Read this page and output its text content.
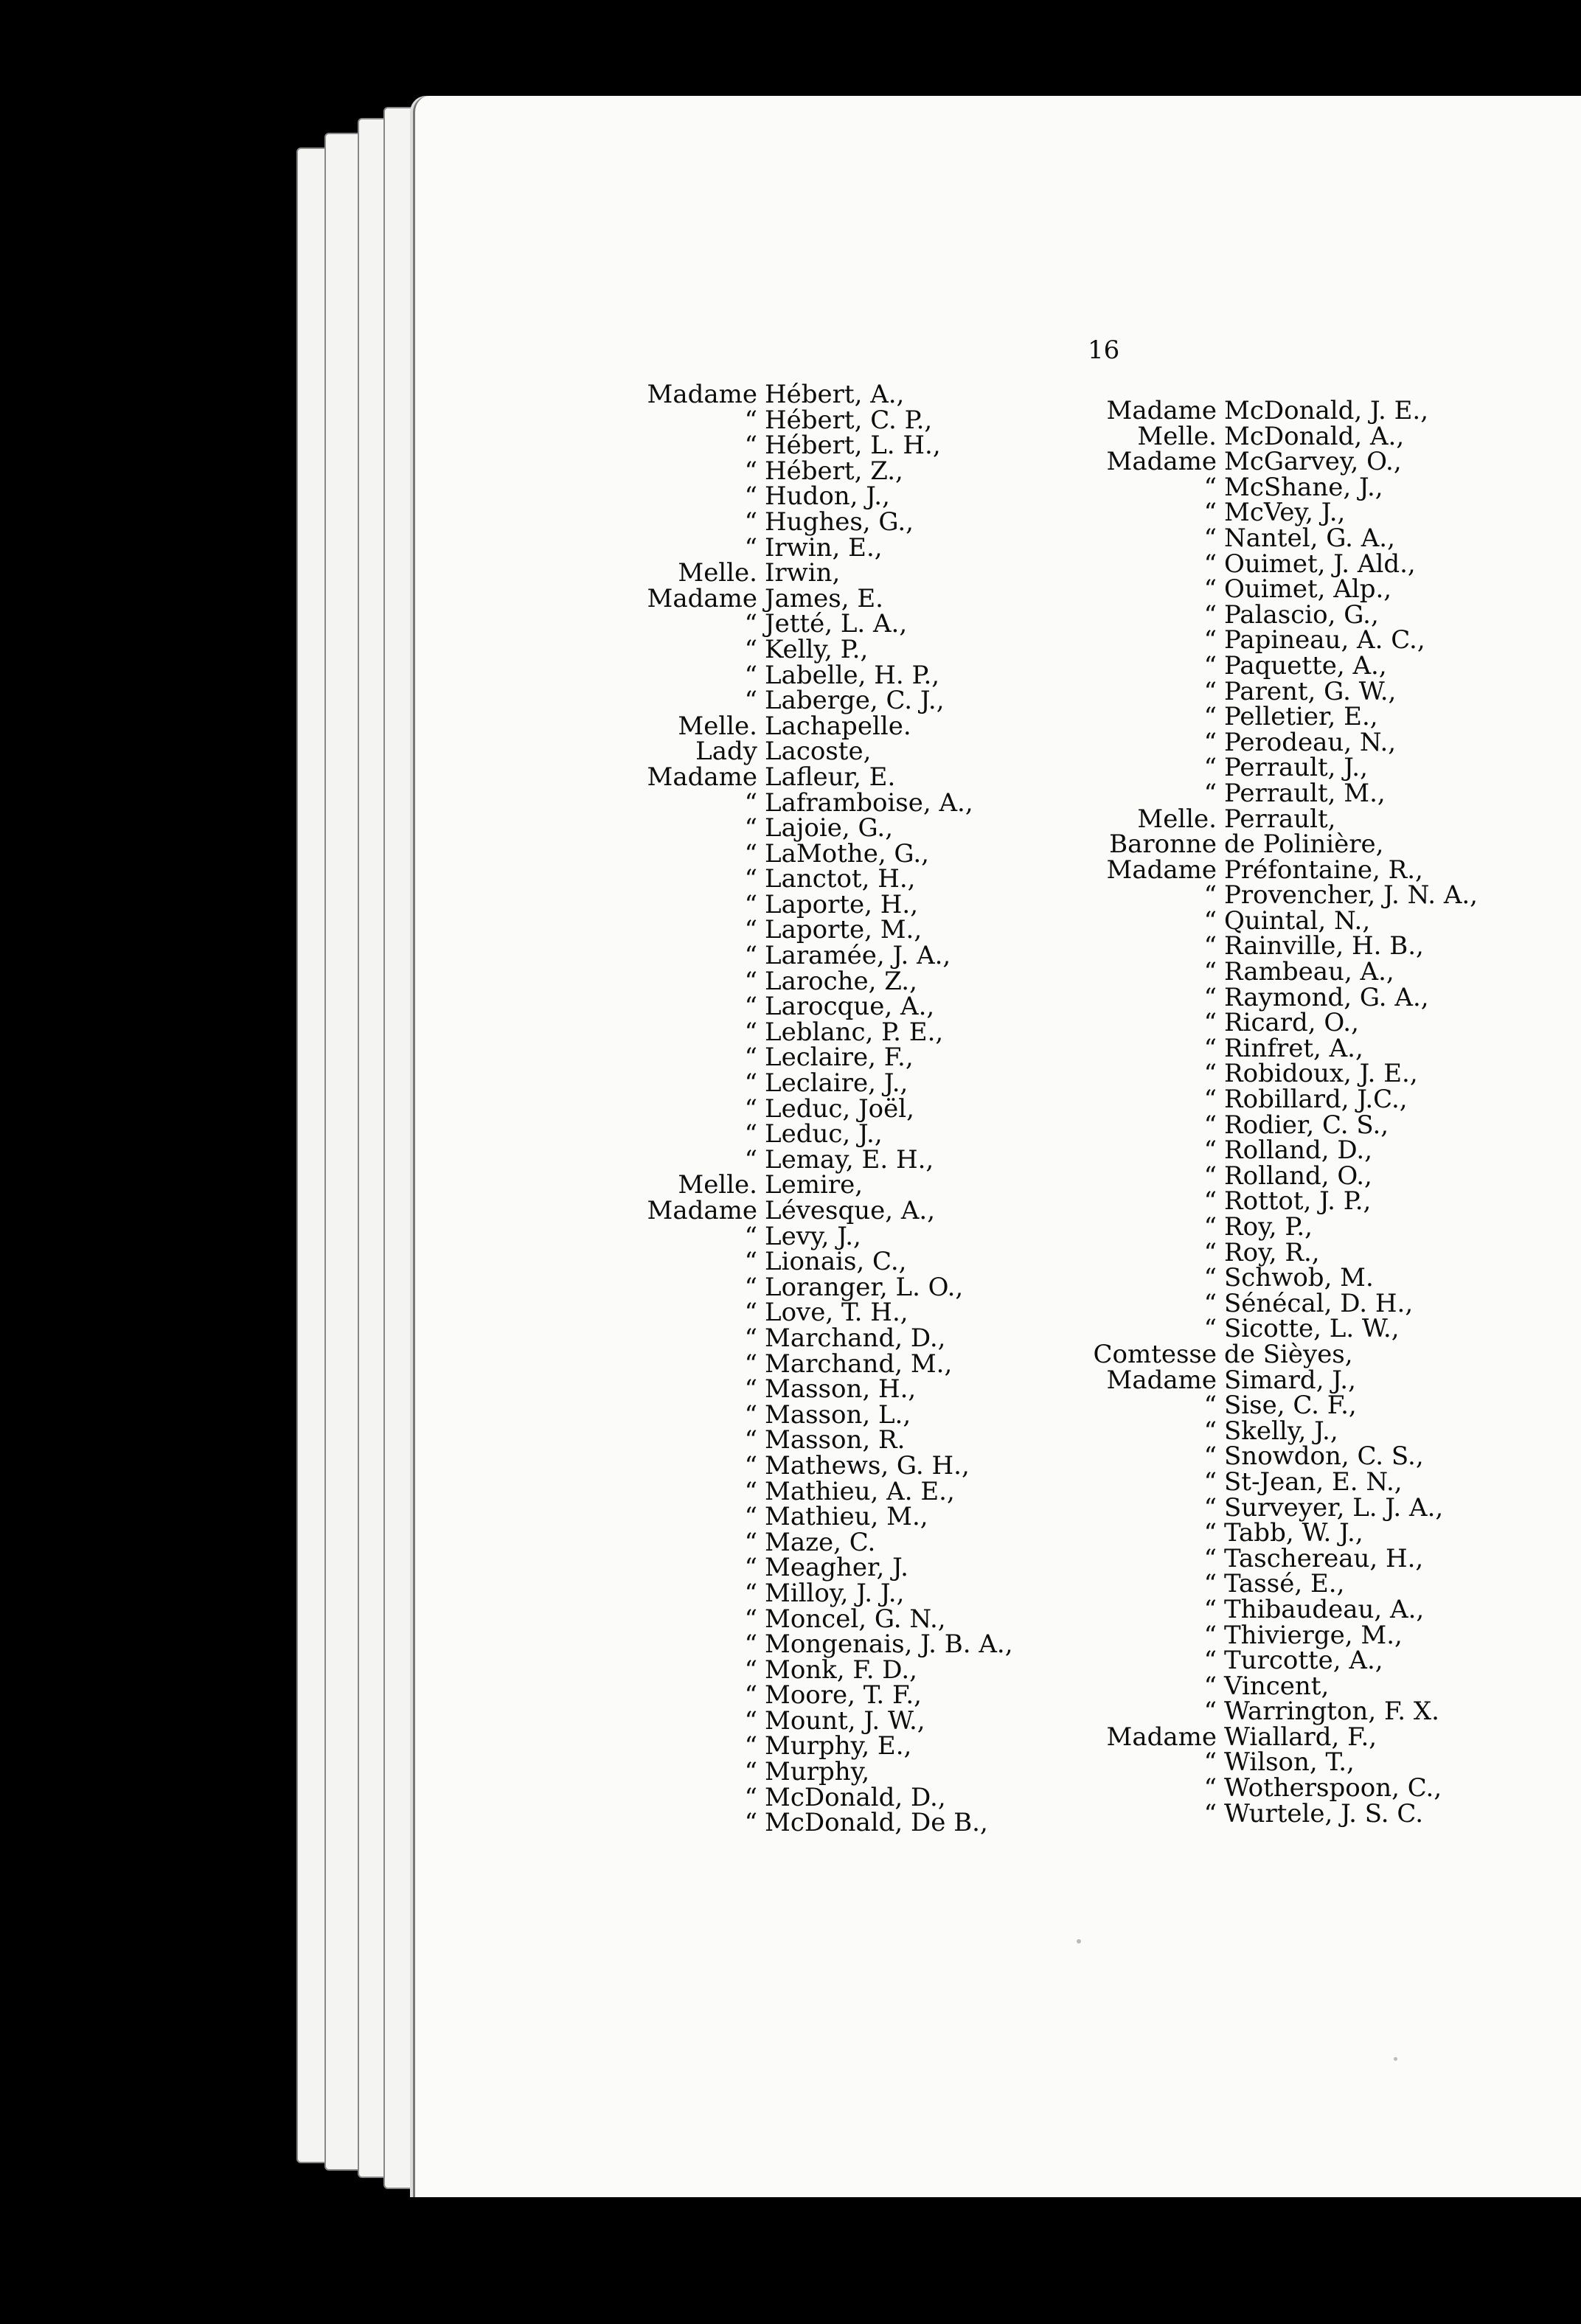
16
Madame Hébert, A.,
“ Hébert, C. P.,
“ Hébert, L. H.,
“ Hébert, Z.,
“ Hudon, J.,
“ Hughes, G.,
“ Irwin, E.,
Melle. Irwin,
Madame James, E.
“ Jetté, L. A.,
“ Kelly, P.,
“ Labelle, H. P.,
“ Laberge, C. J.,
Melle. Lachapelle.
Lady Lacoste,
Madame Lafleur, E.
“ Laframboise, A.,
“ Lajoie, G.,
“ LaMothe, G.,
“ Lanctot, H.,
“ Laporte, H.,
“ Laporte, M.,
“ Laramée, J. A.,
“ Laroche, Z.,
“ Larocque, A.,
“ Leblanc, P. E.,
“ Leclaire, F.,
“ Leclaire, J.,
“ Leduc, Joël,
“ Leduc, J.,
“ Lemay, E. H.,
Melle. Lemire,
Madame Lévesque, A.,
“ Levy, J.,
“ Lionais, C.,
“ Loranger, L. O.,
“ Love, T. H.,
“ Marchand, D.,
“ Marchand, M.,
“ Masson, H.,
“ Masson, L.,
“ Masson, R.
“ Mathews, G. H.,
“ Mathieu, A. E.,
“ Mathieu, M.,
“ Maze, C.
“ Meagher, J.
“ Milloy, J. J.,
“ Moncel, G. N.,
“ Mongenais, J. B. A.,
“ Monk, F. D.,
“ Moore, T. F.,
“ Mount, J. W.,
“ Murphy, E.,
“ Murphy,
“ McDonald, D.,
“ McDonald, De B.,
Madame McDonald, J. E.,
Melle. McDonald, A.,
Madame McGarvey, O.,
“ McShane, J.,
“ McVey, J.,
“ Nantel, G. A.,
“ Ouimet, J. Ald.,
“ Ouimet, Alp.,
“ Palascio, G.,
“ Papineau, A. C.,
“ Paquette, A.,
“ Parent, G. W.,
“ Pelletier, E.,
“ Perodeau, N.,
“ Perrault, J.,
“ Perrault, M.,
Melle. Perrault,
Baronne de Polinière,
Madame Préfontaine, R.,
“ Provencher, J. N. A.,
“ Quintal, N.,
“ Rainville, H. B.,
“ Rambeau, A.,
“ Raymond, G. A.,
“ Ricard, O.,
“ Rinfret, A.,
“ Robidoux, J. E.,
“ Robillard, J.C.,
“ Rodier, C. S.,
“ Rolland, D.,
“ Rolland, O.,
“ Rottot, J. P.,
“ Roy, P.,
“ Roy, R.,
“ Schwob, M.
“ Sénécal, D. H.,
“ Sicotte, L. W.,
Comtesse de Sièyes,
Madame Simard, J.,
“ Sise, C. F.,
“ Skelly, J.,
“ Snowdon, C. S.,
“ St-Jean, E. N.,
“ Surveyer, L. J. A.,
“ Tabb, W. J.,
“ Taschereau, H.,
“ Tassé, E.,
“ Thibaudeau, A.,
“ Thivierge, M.,
“ Turcotte, A.,
“ Vincent,
“ Warrington, F. X.
Madame Wiallard, F.,
“ Wilson, T.,
“ Wotherspoon, C.,
“ Wurtele, J. S. C.
